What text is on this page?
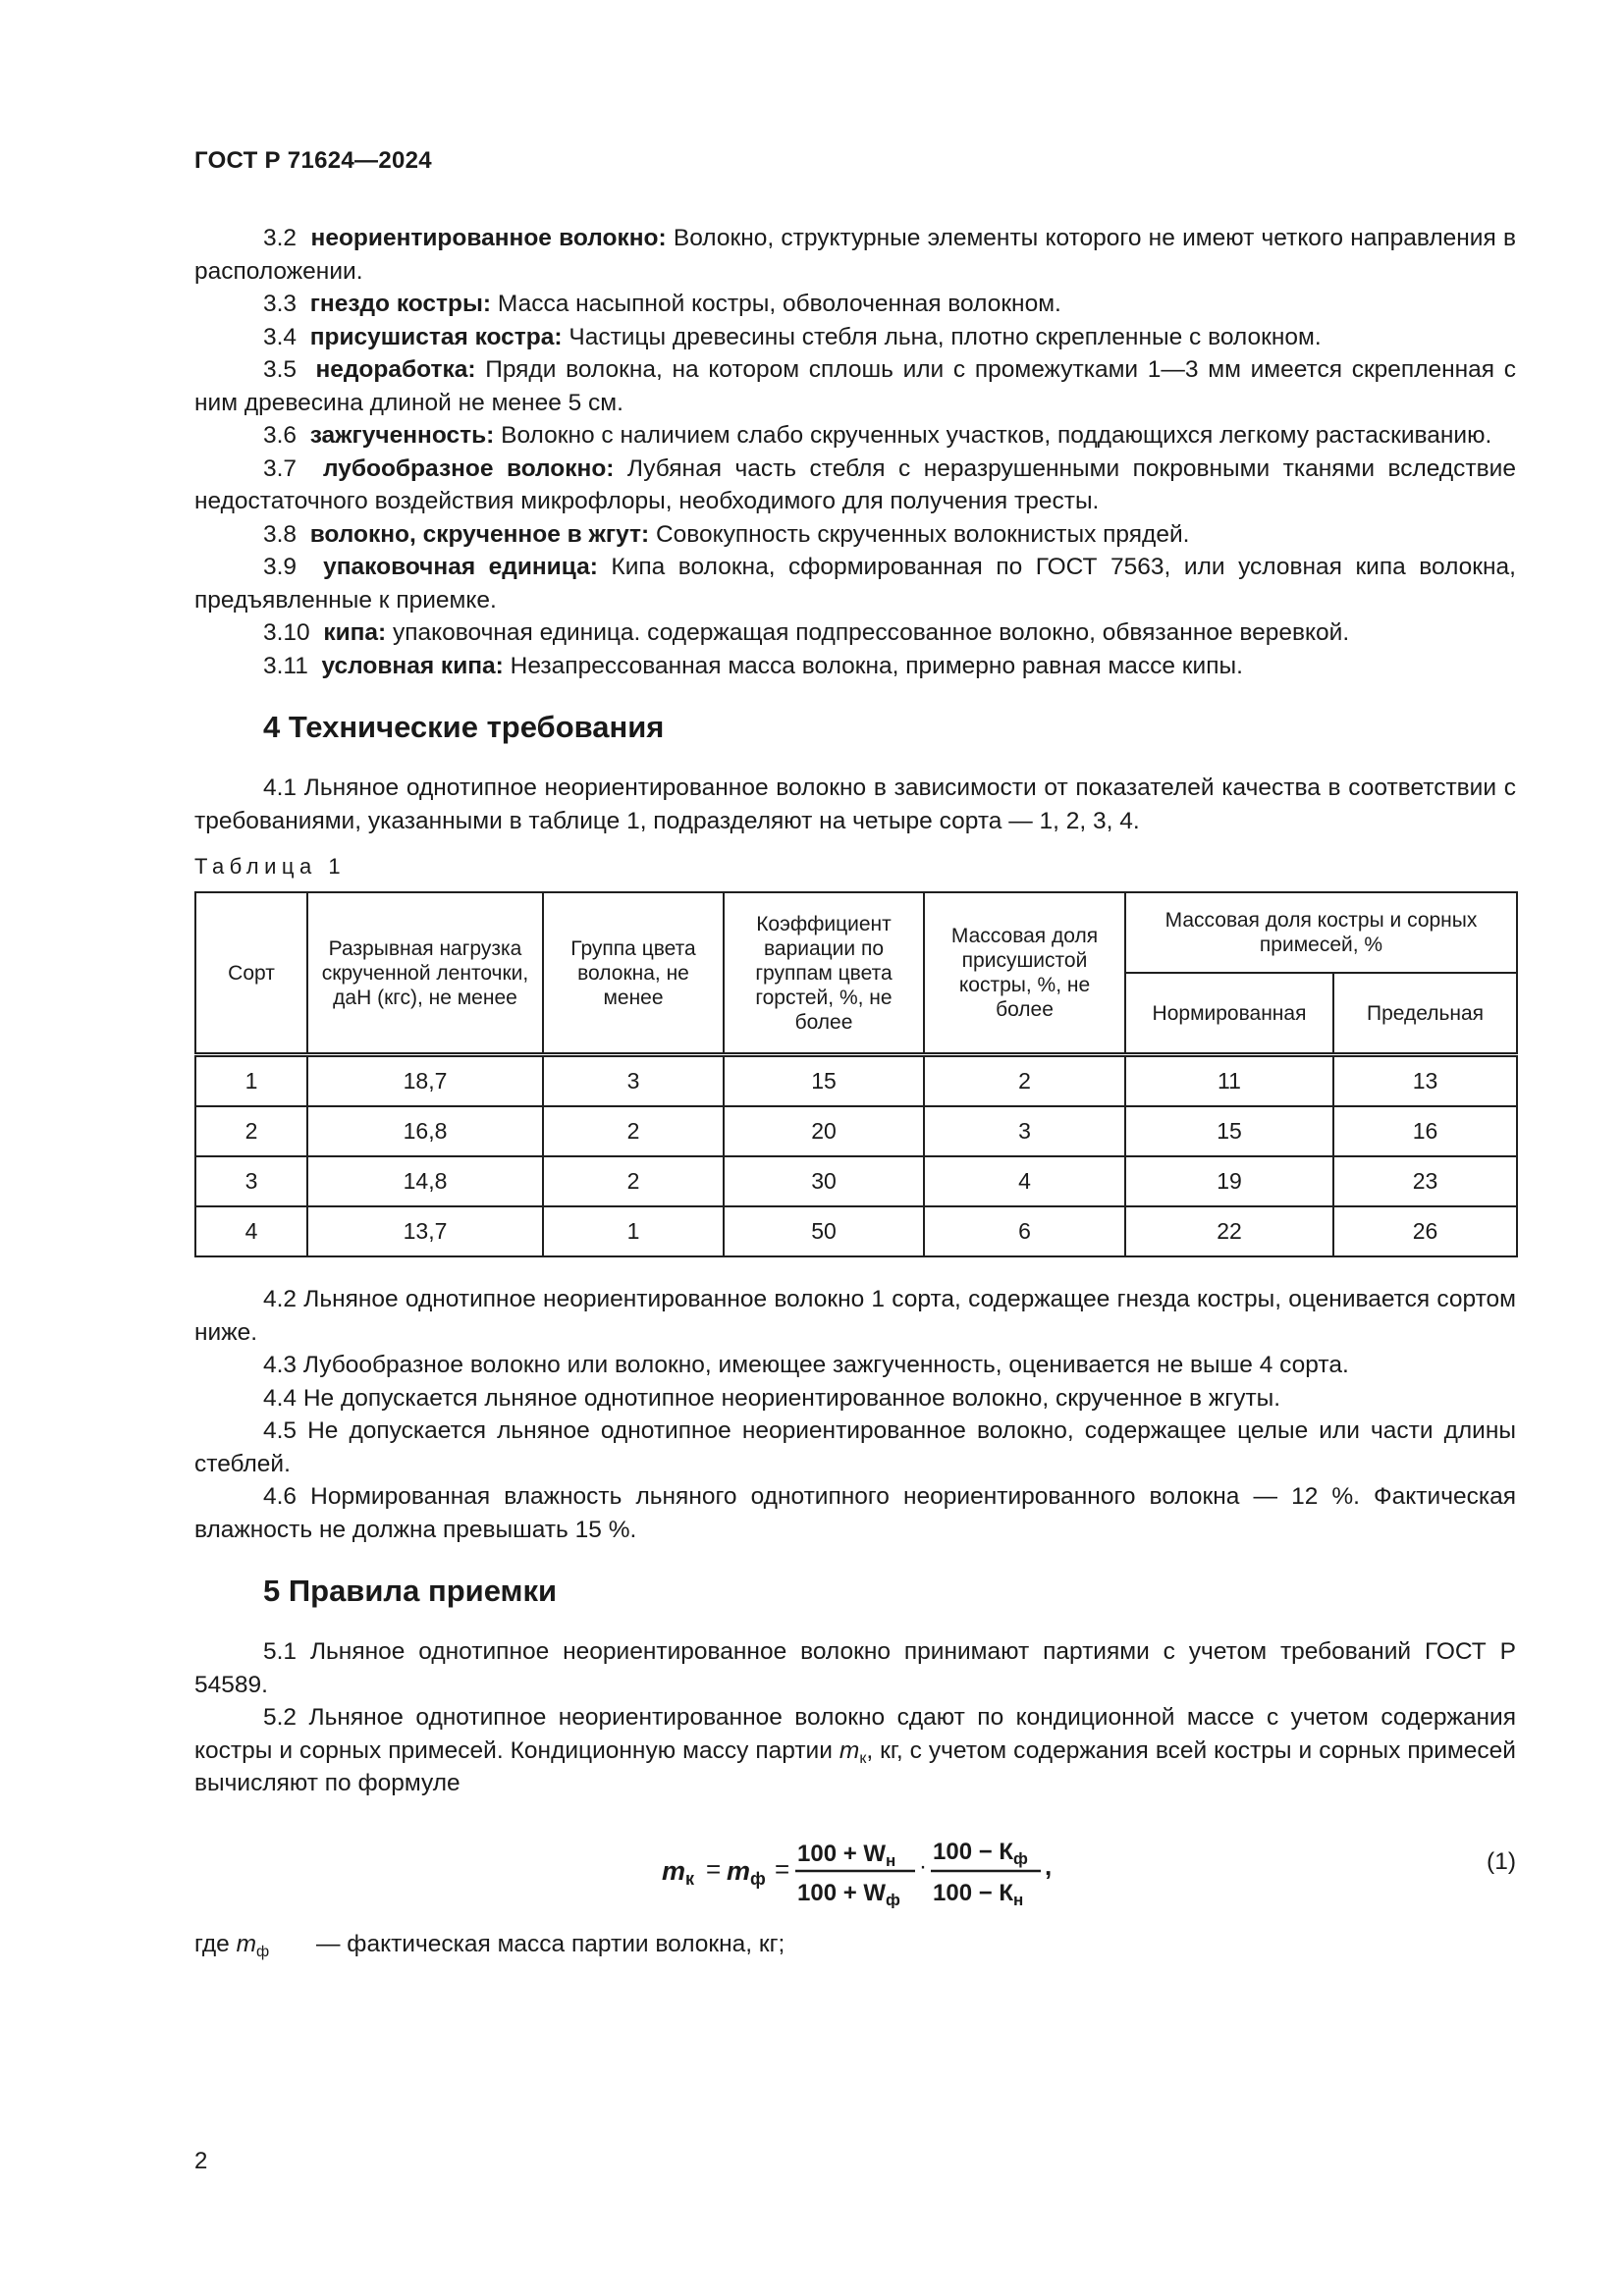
ГОСТ Р 71624—2024

3.2 неориентированное волокно: Волокно, структурные элементы которого не имеют четкого направления в расположении.

3.3 гнездо костры: Масса насыпной костры, обволоченная волокном.

3.4 присушистая костра: Частицы древесины стебля льна, плотно скрепленные с волокном.

3.5 недоработка: Пряди волокна, на котором сплошь или с промежутками 1—3 мм имеется скрепленная с ним древесина длиной не менее 5 см.

3.6 зажгученность: Волокно с наличием слабо скрученных участков, поддающихся легкому растаскиванию.

3.7 лубообразное волокно: Лубяная часть стебля с неразрушенными покровными тканями вследствие недостаточного воздействия микрофлоры, необходимого для получения тресты.

3.8 волокно, скрученное в жгут: Совокупность скрученных волокнистых прядей.

3.9 упаковочная единица: Кипа волокна, сформированная по ГОСТ 7563, или условная кипа волокна, предъявленные к приемке.

3.10 кипа: упаковочная единица. содержащая подпрессованное волокно, обвязанное веревкой.

3.11 условная кипа: Незапрессованная масса волокна, примерно равная массе кипы.

4 Технические требования

4.1 Льняное однотипное неориентированное волокно в зависимости от показателей качества в соответствии с требованиями, указанными в таблице 1, подразделяют на четыре сорта — 1, 2, 3, 4.

Таблица 1
Сорт	Разрывная нагрузка скрученной ленточки, даН (кгс), не менее	Группа цвета волокна, не менее	Коэффициент вариации по группам цвета горстей, %, не более	Массовая доля присушистой костры, %, не более	Массовая доля костры и сорных примесей, %	
					Нормированная	Предельная
1	18,7	3	15	2	11	13
2	16,8	2	20	3	15	16
3	14,8	2	30	4	19	23
4	13,7	1	50	6	22	26

4.2 Льняное однотипное неориентированное волокно 1 сорта, содержащее гнезда костры, оценивается сортом ниже.

4.3 Лубообразное волокно или волокно, имеющее зажгученность, оценивается не выше 4 сорта.

4.4 Не допускается льняное однотипное неориентированное волокно, скрученное в жгуты.

4.5 Не допускается льняное однотипное неориентированное волокно, содержащее целые или части длины стеблей.

4.6 Нормированная влажность льняного однотипного неориентированного волокна — 12 %. Фактическая влажность не должна превышать 15 %.

5 Правила приемки

5.1 Льняное однотипное неориентированное волокно принимают партиями с учетом требований ГОСТ Р 54589.

5.2 Льняное однотипное неориентированное волокно сдают по кондиционной массе с учетом содержания костры и сорных примесей. Кондиционную массу партии $m_к$, кг, с учетом содержания всей костры и сорных примесей вычисляют по формуле

mк = mф =
$100 + W_н$
$100 + W_ф$
·
$100 - К_ф$
$100 - К_н$
,	(1)
где $m_ф$ — фактическая масса партии волокна, кг;
2
